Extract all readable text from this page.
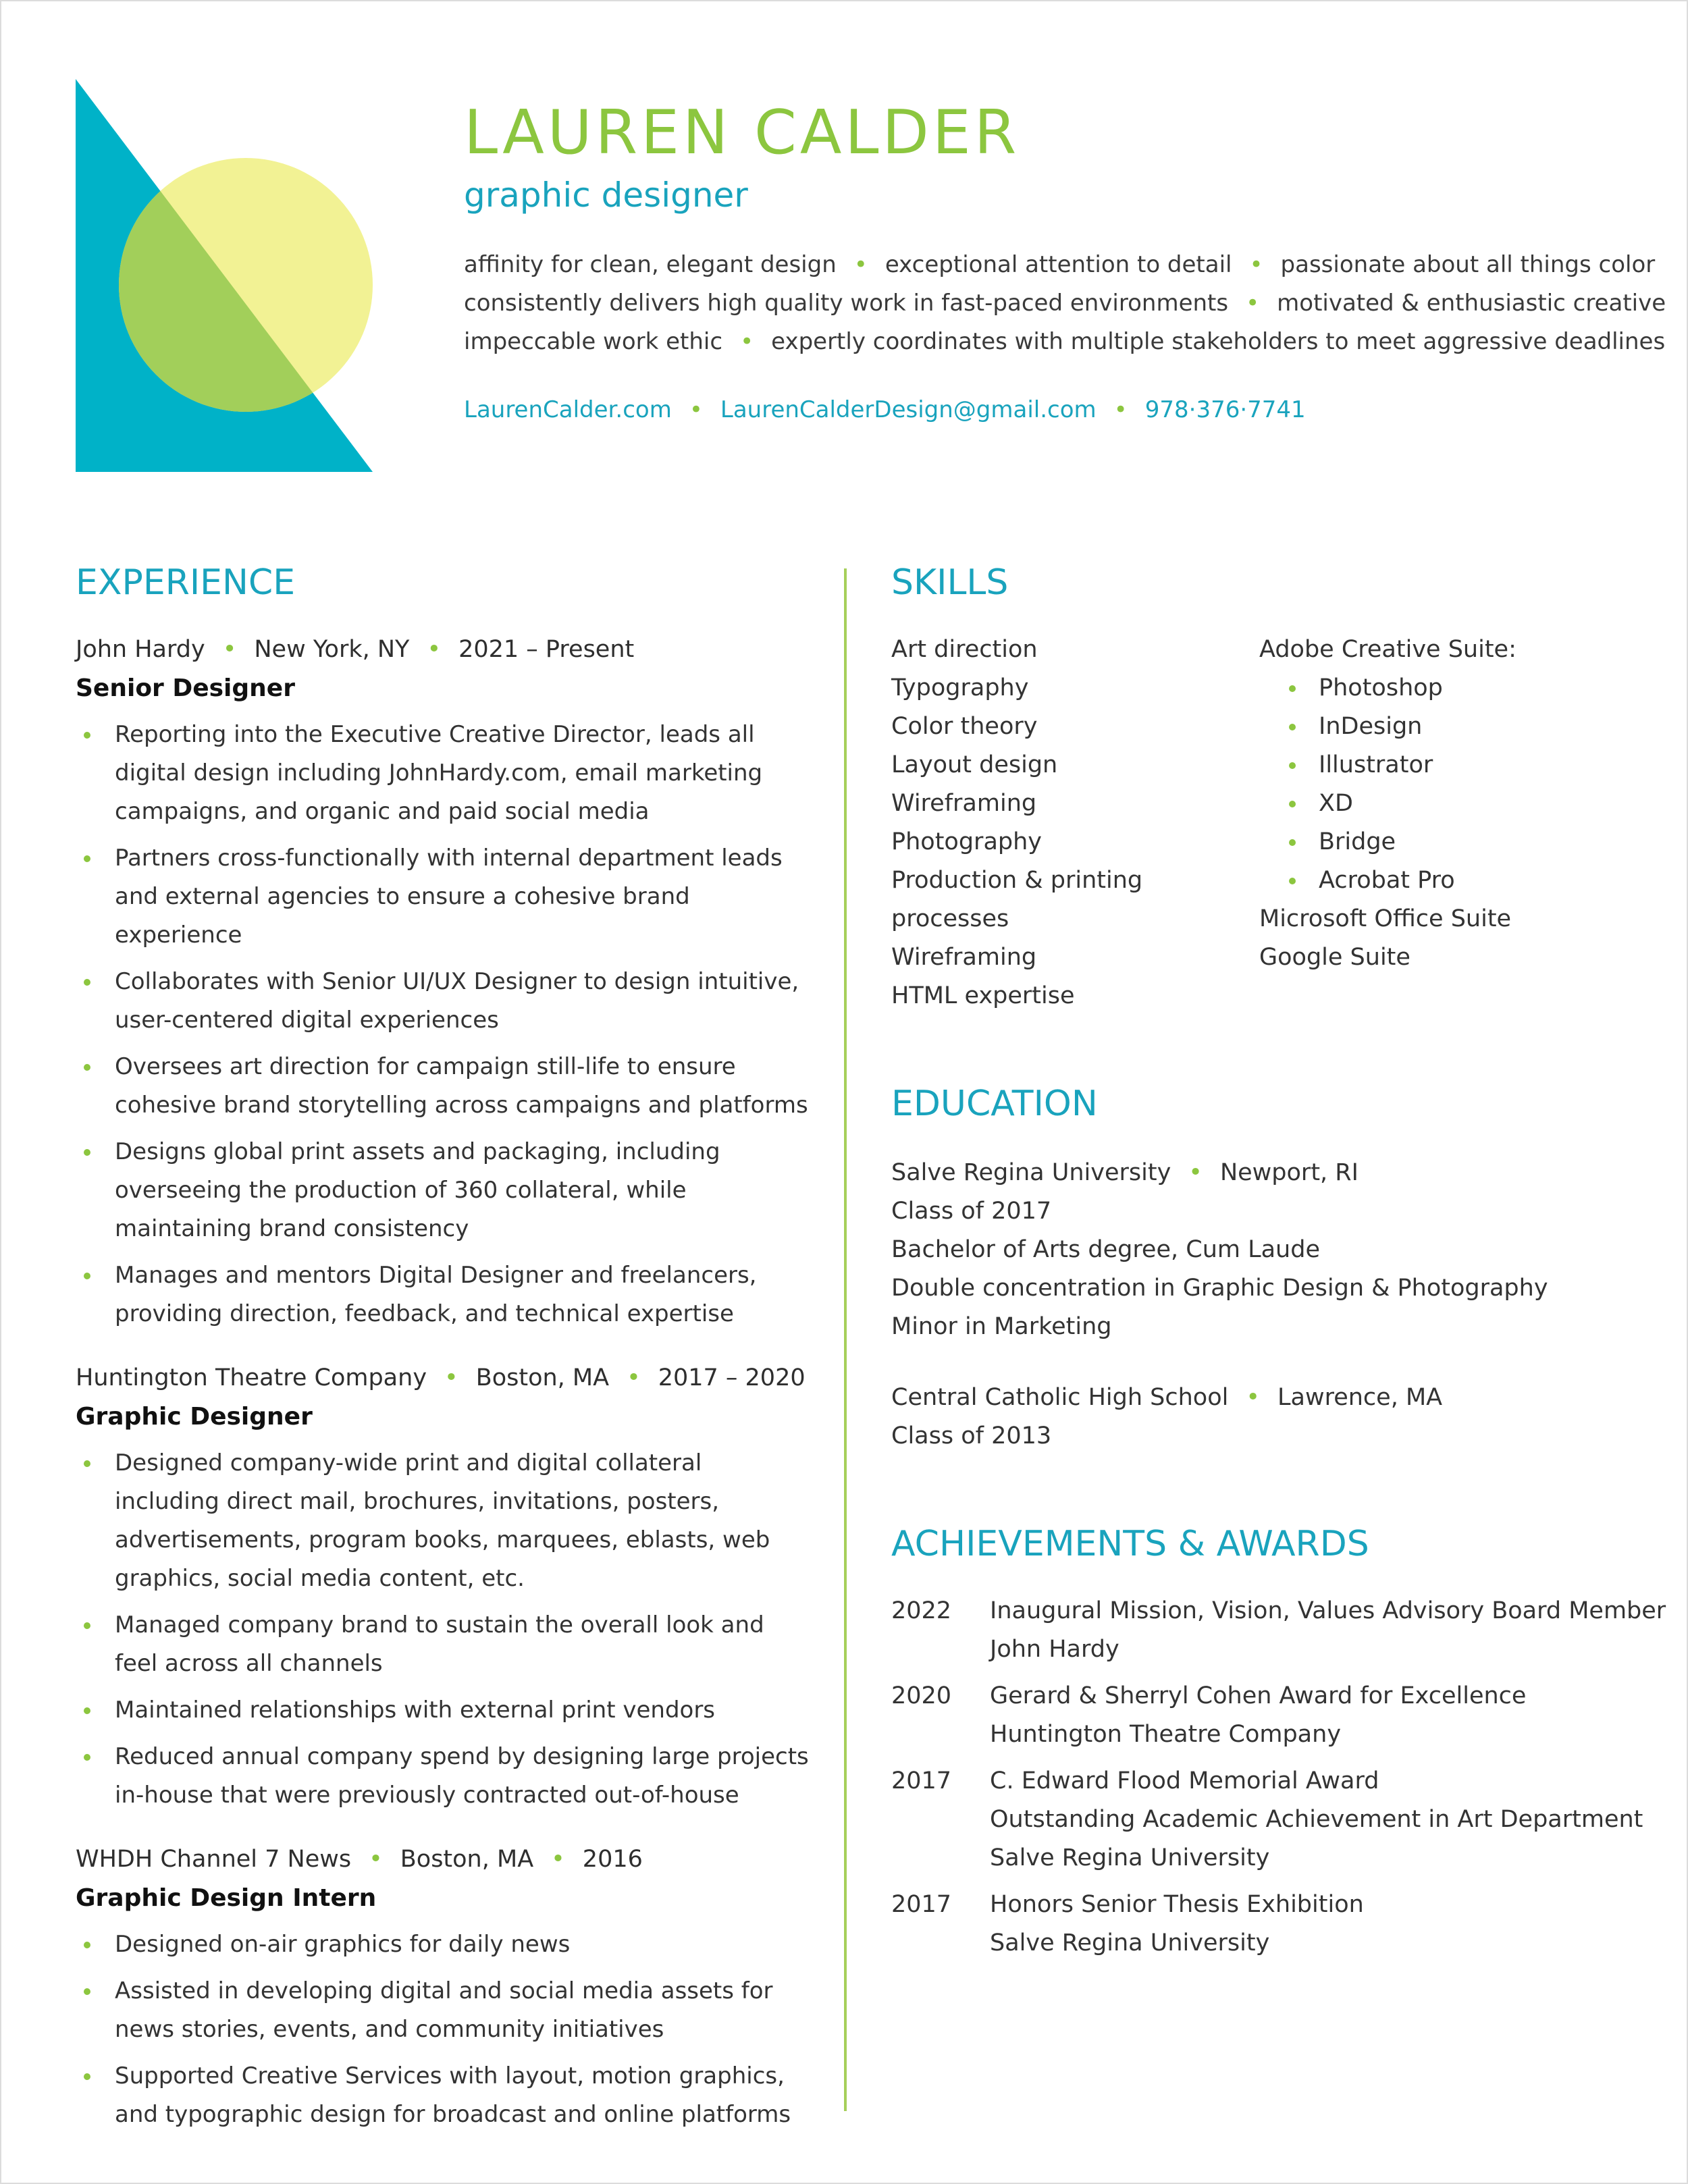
LAUREN CALDER
graphic designer
affinity for clean, elegant design • exceptional attention to detail • passionate about all things color
consistently delivers high quality work in fast-paced environments • motivated & enthusiastic creative
impeccable work ethic • expertly coordinates with multiple stakeholders to meet aggressive deadlines
LaurenCalder.com • LaurenCalderDesign@gmail.com • 978·376·7741
EXPERIENCE
John Hardy • New York, NY • 2021 – Present
Senior Designer
Reporting into the Executive Creative Director, leads all digital design including JohnHardy.com, email marketing campaigns, and organic and paid social media
Partners cross-functionally with internal department leads and external agencies to ensure a cohesive brand experience
Collaborates with Senior UI/UX Designer to design intuitive, user-centered digital experiences
Oversees art direction for campaign still-life to ensure cohesive brand storytelling across campaigns and platforms
Designs global print assets and packaging, including overseeing the production of 360 collateral, while maintaining brand consistency
Manages and mentors Digital Designer and freelancers, providing direction, feedback, and technical expertise
Huntington Theatre Company • Boston, MA • 2017 – 2020
Graphic Designer
Designed company-wide print and digital collateral including direct mail, brochures, invitations, posters, advertisements, program books, marquees, eblasts, web graphics, social media content, etc.
Managed company brand to sustain the overall look and feel across all channels
Maintained relationships with external print vendors
Reduced annual company spend by designing large projects in-house that were previously contracted out-of-house
WHDH Channel 7 News • Boston, MA • 2016
Graphic Design Intern
Designed on-air graphics for daily news
Assisted in developing digital and social media assets for news stories, events, and community initiatives
Supported Creative Services with layout, motion graphics, and typographic design for broadcast and online platforms
SKILLS
Art direction
Typography
Color theory
Layout design
Wireframing
Photography
Production & printing processes
Wireframing
HTML expertise
Adobe Creative Suite:
Photoshop
InDesign
Illustrator
XD
Bridge
Acrobat Pro
Microsoft Office Suite
Google Suite
EDUCATION
Salve Regina University • Newport, RI
Class of 2017
Bachelor of Arts degree, Cum Laude
Double concentration in Graphic Design & Photography
Minor in Marketing
Central Catholic High School • Lawrence, MA
Class of 2013
ACHIEVEMENTS & AWARDS
2022	Inaugural Mission, Vision, Values Advisory Board Member
John Hardy
2020	Gerard & Sherryl Cohen Award for Excellence
Huntington Theatre Company
2017	C. Edward Flood Memorial Award
Outstanding Academic Achievement in Art Department
Salve Regina University
2017	Honors Senior Thesis Exhibition
Salve Regina University
